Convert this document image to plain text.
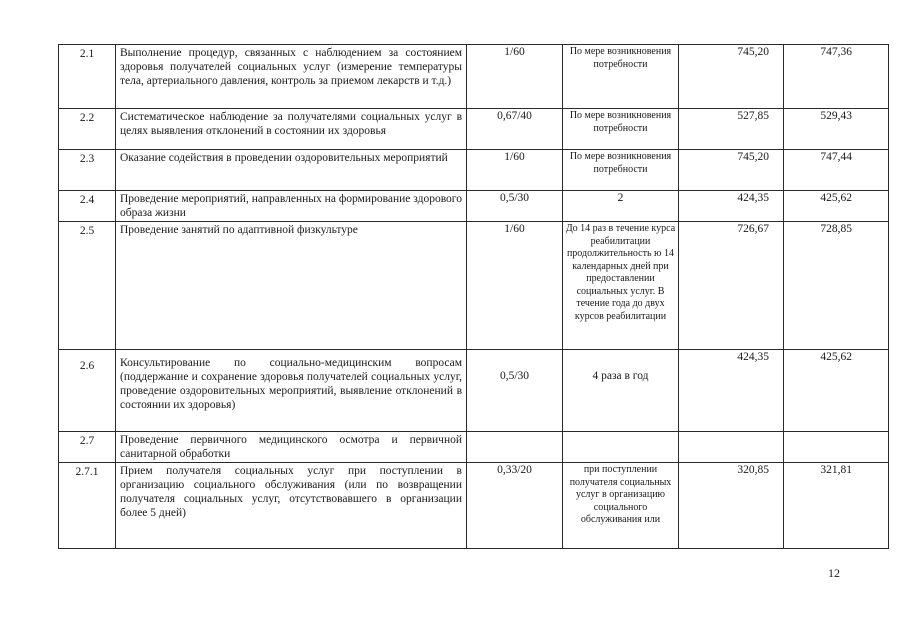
2.1	Выполнение процедур, связанных с наблюдением за состоянием здоровья получателей социальных услуг (измерение температуры тела, артериального давления, контроль за приемом лекарств и т.д.)	1/60	По мере возникновения потребности	745,20	747,36
2.2	Систематическое наблюдение за получателями социальных услуг в целях выявления отклонений в состоянии их здоровья	0,67/40	По мере возникновения потребности	527,85	529,43
2.3	Оказание содействия в проведении оздоровительных мероприятий	1/60	По мере возникновения потребности	745,20	747,44
2.4	Проведение мероприятий, направленных на формирование здорового образа жизни	0,5/30	2	424,35	425,62
2.5	Проведение занятий по адаптивной физкультуре	1/60	До 14 раз в течение курса реабилитации продолжительность ю 14 календарных дней при предоставлении социальных услуг. В течение года до двух курсов реабилитации	726,67	728,85
2.6	Консультирование по социально-медицинским вопросам (поддержание и сохранение здоровья получателей социальных услуг, проведение оздоровительных мероприятий, выявление отклонений в состоянии их здоровья)	0,5/30	4 раза в год	424,35	425,62
2.7	Проведение первичного медицинского осмотра и первичной санитарной обработки				
2.7.1	Прием получателя социальных услуг при поступлении в организацию социального обслуживания (или по возвращении получателя социальных услуг, отсутствовавшего в организации более 5 дней)	0,33/20	при поступлении получателя социальных услуг в организацию социального обслуживания или	320,85	321,81
12
